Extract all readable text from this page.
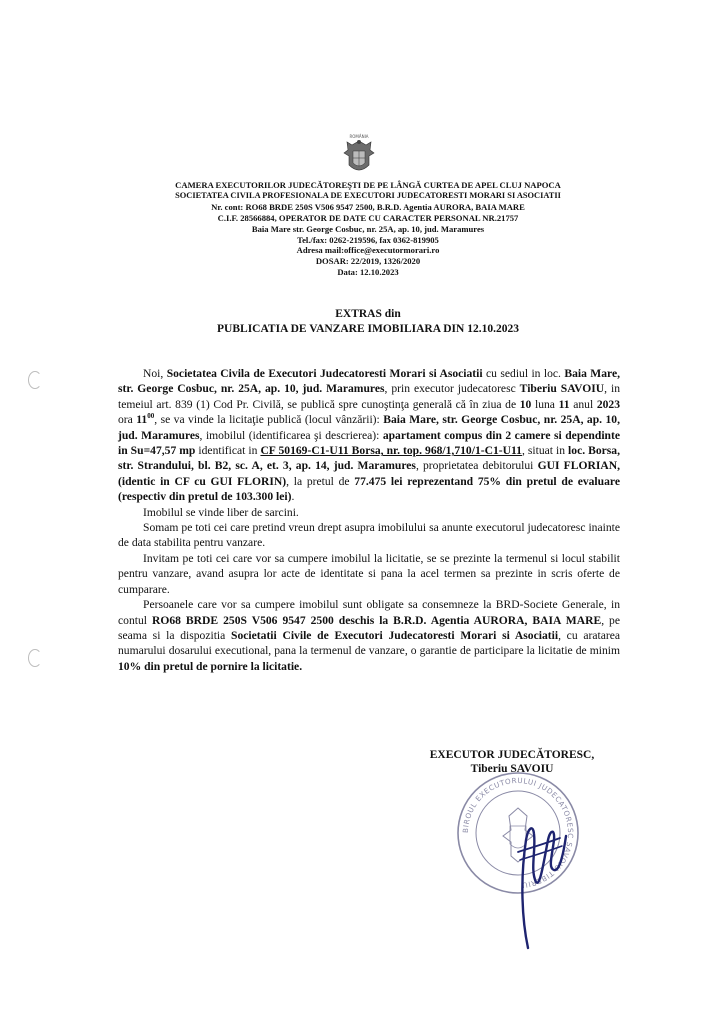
ROMÂNIA
CAMERA EXECUTORILOR JUDECĂTOREŞTI DE PE LÂNGĂ CURTEA DE APEL CLUJ NAPOCA
SOCIETATEA CIVILA PROFESIONALA DE EXECUTORI JUDECATORESTI MORARI SI ASOCIATII
Nr. cont: RO68 BRDE 250S V506 9547 2500, B.R.D. Agentia AURORA, BAIA MARE
C.I.F. 28566884, OPERATOR DE DATE CU CARACTER PERSONAL NR.21757
Baia Mare str. George Cosbuc, nr. 25A, ap. 10, jud. Maramures
Tel./fax: 0262-219596, fax 0362-819905
Adresa mail:office@executormorari.ro
DOSAR: 22/2019, 1326/2020
Data: 12.10.2023
EXTRAS din
PUBLICATIA DE VANZARE IMOBILIARA DIN 12.10.2023

Noi, Societatea Civila de Executori Judecatoresti Morari si Asociatii cu sediul in loc. Baia Mare, str. George Cosbuc, nr. 25A, ap. 10, jud. Maramures, prin executor judecatoresc Tiberiu SAVOIU, in temeiul art. 839 (1) Cod Pr. Civilă, se publică spre cunoştinţa generală că în ziua de 10 luna 11 anul 2023 ora $11^{00}$, se va vinde la licitaţie publică (locul vânzării): Baia Mare, str. George Cosbuc, nr. 25A, ap. 10, jud. Maramures, imobilul (identificarea şi descrierea): apartament compus din 2 camere si dependinte in Su=47,57 mp identificat in CF 50169-C1-U11 Borsa, nr. top. 968/1,710/1-C1-U11, situat in loc. Borsa, str. Strandului, bl. B2, sc. A, et. 3, ap. 14, jud. Maramures, proprietatea debitorului GUI FLORIAN, (identic in CF cu GUI FLORIN), la pretul de 77.475 lei reprezentand 75% din pretul de evaluare (respectiv din pretul de 103.300 lei).

Imobilul se vinde liber de sarcini.

Somam pe toti cei care pretind vreun drept asupra imobilului sa anunte executorul judecatoresc inainte de data stabilita pentru vanzare.

Invitam pe toti cei care vor sa cumpere imobilul la licitatie, se se prezinte la termenul si locul stabilit pentru vanzare, avand asupra lor acte de identitate si pana la acel termen sa prezinte in scris oferte de cumparare.

Persoanele care vor sa cumpere imobilul sunt obligate sa consemneze la BRD-Societe Generale, in contul RO68 BRDE 250S V506 9547 2500 deschis la B.R.D. Agentia AURORA, BAIA MARE, pe seama si la dispozitia Societatii Civile de Executori Judecatoresti Morari si Asociatii, cu aratarea numarului dosarului executional, pana la termenul de vanzare, o garantie de participare la licitatie de minim 10% din pretul de pornire la licitatie.

EXECUTOR JUDECĂTORESC,
Tiberiu SAVOIU
BIROUL EXECUTORULUI JUDECATORESC SAVOIU TIBERIU
